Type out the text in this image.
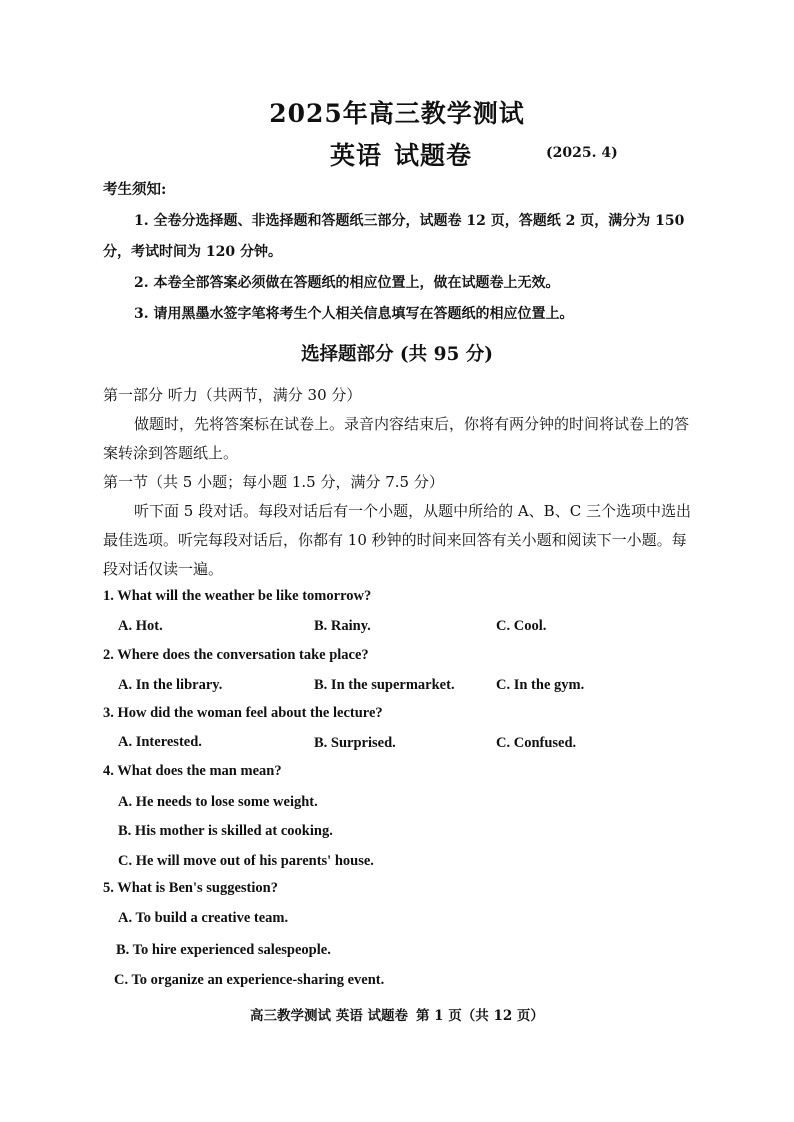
2025年高三教学测试
英语 试题卷	(2025. 4)
考生须知:
1. 全卷分选择题、非选择题和答题纸三部分，试题卷 12 页，答题纸 2 页，满分为 150
分，考试时间为 120 分钟。
2. 本卷全部答案必须做在答题纸的相应位置上，做在试题卷上无效。
3. 请用黑墨水签字笔将考生个人相关信息填写在答题纸的相应位置上。
选择题部分 (共 95 分)
第一部分 听力（共两节，满分 30 分）
做题时，先将答案标在试卷上。录音内容结束后，你将有两分钟的时间将试卷上的答
案转涂到答题纸上。
第一节（共 5 小题；每小题 1.5 分，满分 7.5 分）
听下面 5 段对话。每段对话后有一个小题，从题中所给的 A、B、C 三个选项中选出
最佳选项。听完每段对话后，你都有 10 秒钟的时间来回答有关小题和阅读下一小题。每
段对话仅读一遍。
1. What will the weather be like tomorrow?
A. Hot.	B. Rainy.	C. Cool.
2. Where does the conversation take place?
A. In the library.	B. In the supermarket.	C. In the gym.
3. How did the woman feel about the lecture?
A. Interested.	B. Surprised.	C. Confused.
4. What does the man mean?
A. He needs to lose some weight.
B. His mother is skilled at cooking.
C. He will move out of his parents' house.
5. What is Ben's suggestion?
A. To build a creative team.
B. To hire experienced salespeople.
C. To organize an experience-sharing event.
高三教学测试 英语 试题卷 第 1 页（共 12 页）
